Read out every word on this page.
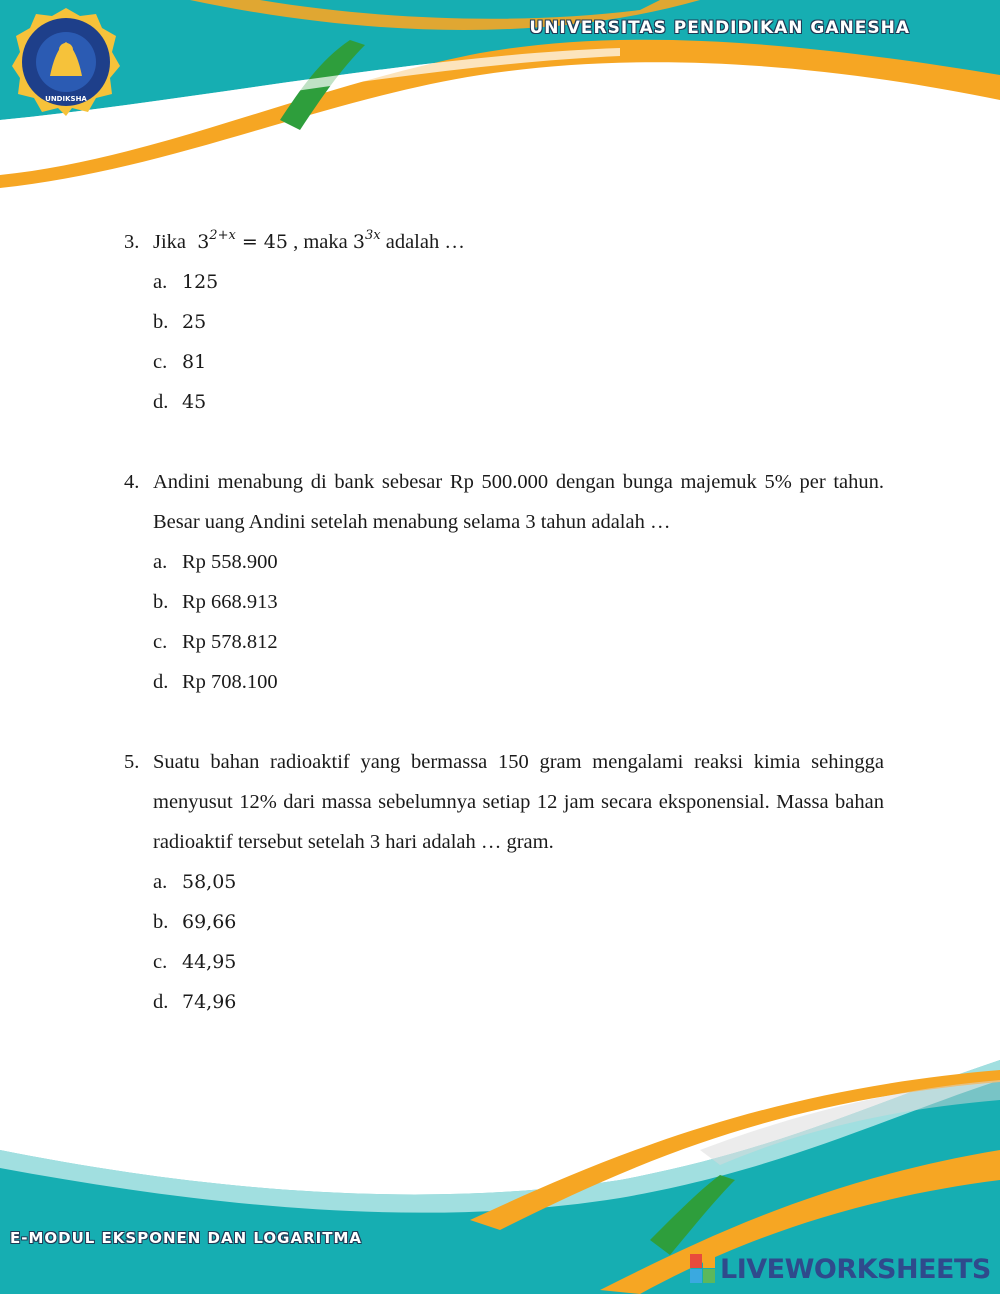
UNDIKSHA
UNIVERSITAS PENDIDIKAN GANESHA
3. Jika $3^{2+x} = 45$ , maka $3^{3x}$ adalah …
a. 125
b. 25
c. 81
d. 45
4. Andini menabung di bank sebesar Rp 500.000 dengan bunga majemuk 5% per tahun. Besar uang Andini setelah menabung selama 3 tahun adalah …
a. Rp 558.900
b. Rp 668.913
c. Rp 578.812
d. Rp 708.100
5. Suatu bahan radioaktif yang bermassa 150 gram mengalami reaksi kimia sehingga menyusut 12% dari massa sebelumnya setiap 12 jam secara eksponensial. Massa bahan radioaktif tersebut setelah 3 hari adalah … gram.
a. 58,05
b. 69,66
c. 44,95
d. 74,96
E-MODUL EKSPONEN DAN LOGARITMA
LIVEWORKSHEETS
